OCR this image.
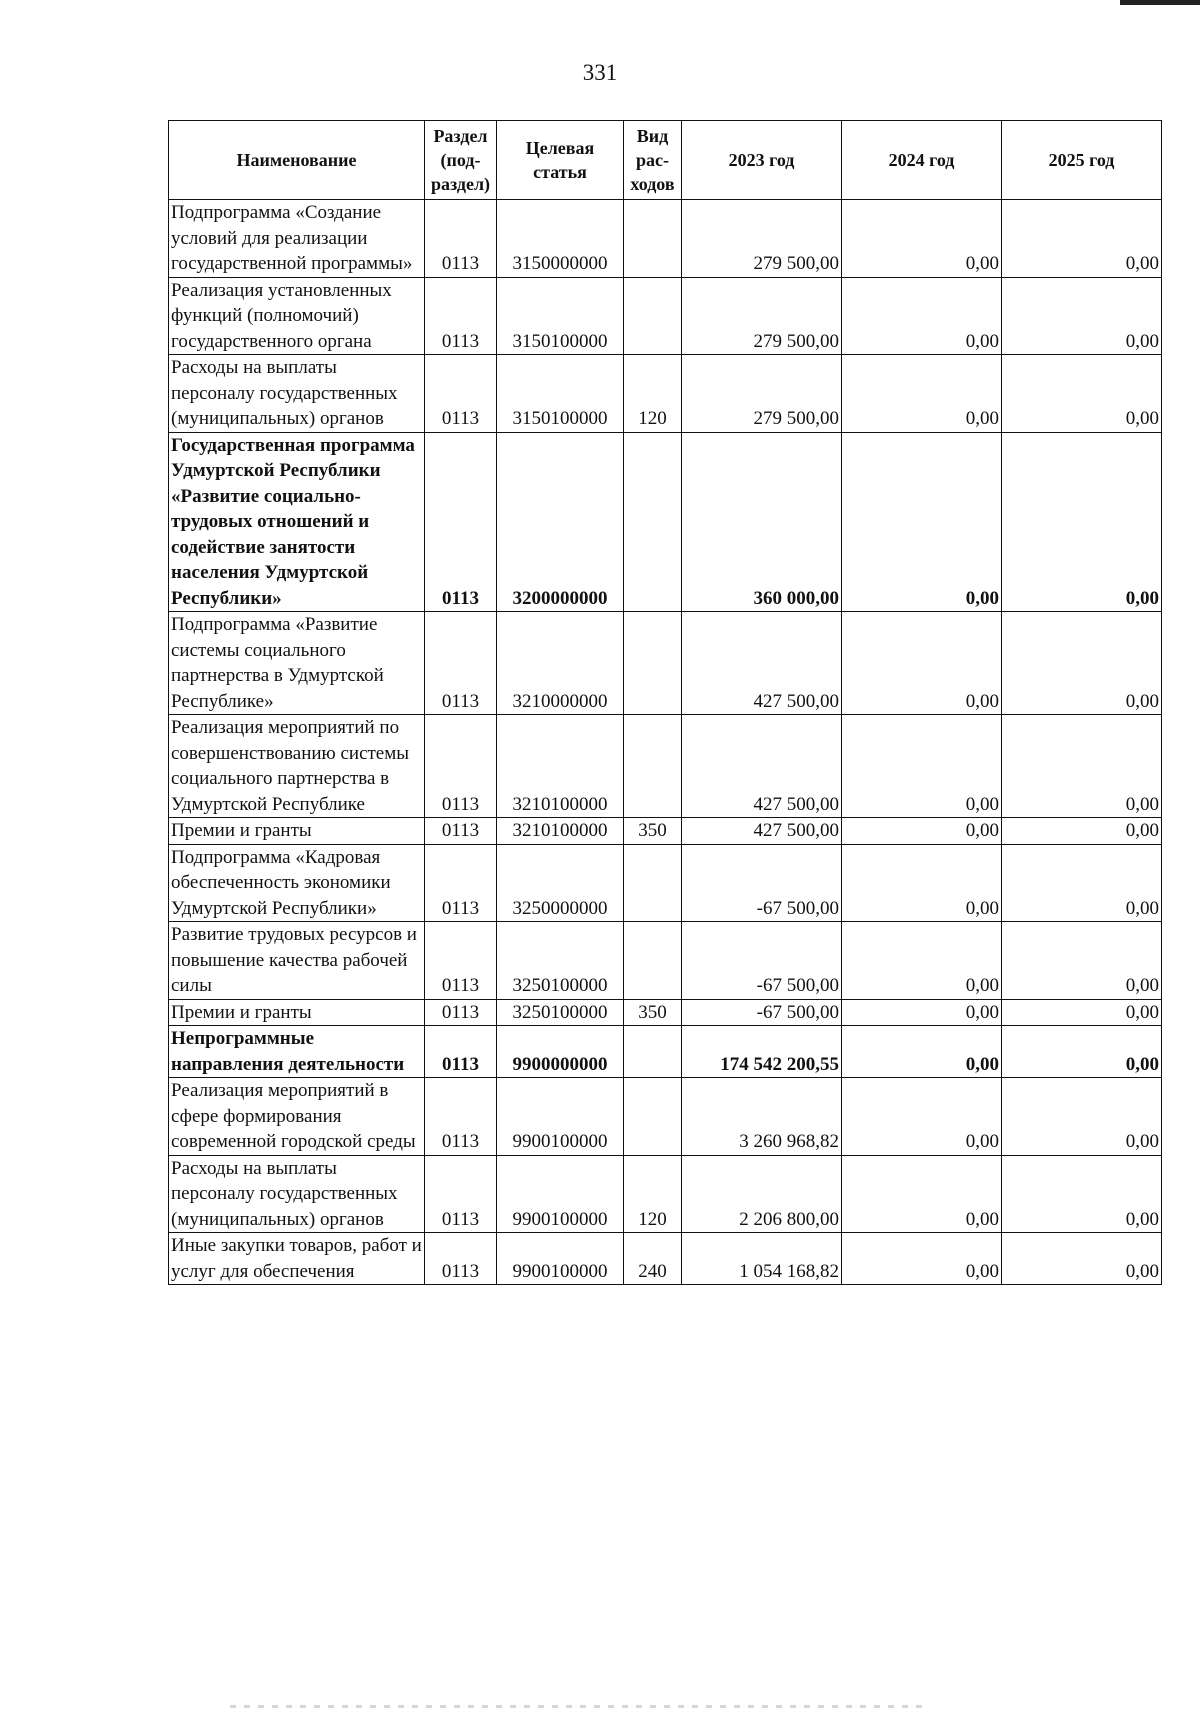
331
Наименование	Раздел (под-раздел)	Целевая статья	Вид рас-ходов	2023 год	2024 год	2025 год
Подпрограмма «Создание условий для реализации государственной программы»	0113	3150000000		279 500,00	0,00	0,00
Реализация установленных функций (полномочий) государственного органа	0113	3150100000		279 500,00	0,00	0,00
Расходы на выплаты персоналу государственных (муниципальных) органов	0113	3150100000	120	279 500,00	0,00	0,00
Государственная программа Удмуртской Республики «Развитие социально-трудовых отношений и содействие занятости населения Удмуртской Республики»	0113	3200000000		360 000,00	0,00	0,00
Подпрограмма «Развитие системы социального партнерства в Удмуртской Республике»	0113	3210000000		427 500,00	0,00	0,00
Реализация мероприятий по совершенствованию системы социального партнерства в Удмуртской Республике	0113	3210100000		427 500,00	0,00	0,00
Премии и гранты	0113	3210100000	350	427 500,00	0,00	0,00
Подпрограмма «Кадровая обеспеченность экономики Удмуртской Республики»	0113	3250000000		-67 500,00	0,00	0,00
Развитие трудовых ресурсов и повышение качества рабочей силы	0113	3250100000		-67 500,00	0,00	0,00
Премии и гранты	0113	3250100000	350	-67 500,00	0,00	0,00
Непрограммные направления деятельности	0113	9900000000		174 542 200,55	0,00	0,00
Реализация мероприятий в сфере формирования современной городской среды	0113	9900100000		3 260 968,82	0,00	0,00
Расходы на выплаты персоналу государственных (муниципальных) органов	0113	9900100000	120	2 206 800,00	0,00	0,00
Иные закупки товаров, работ и услуг для обеспечения	0113	9900100000	240	1 054 168,82	0,00	0,00
